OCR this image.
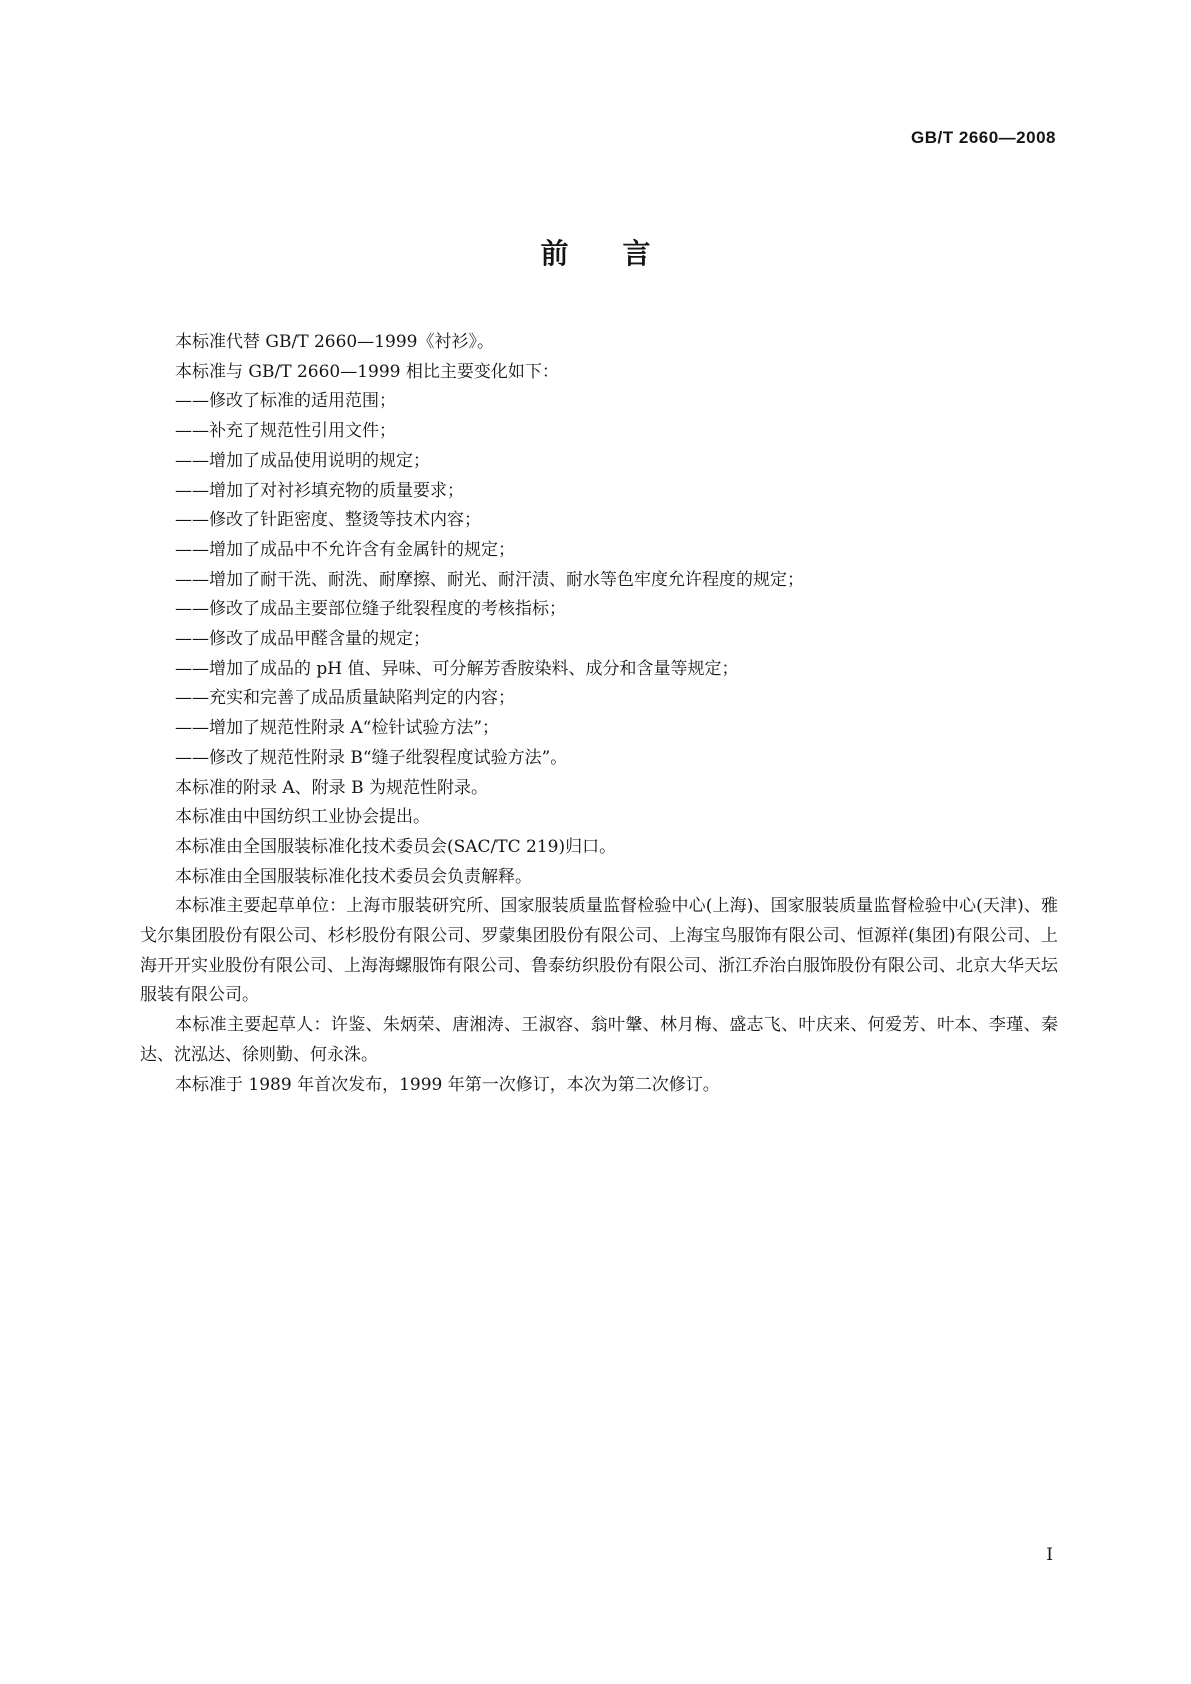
GB/T 2660—2008
前 言

本标准代替 GB/T 2660—1999《衬衫》。

本标准与 GB/T 2660—1999 相比主要变化如下：

——修改了标准的适用范围；

——补充了规范性引用文件；

——增加了成品使用说明的规定；

——增加了对衬衫填充物的质量要求；

——修改了针距密度、整烫等技术内容；

——增加了成品中不允许含有金属针的规定；

——增加了耐干洗、耐洗、耐摩擦、耐光、耐汗渍、耐水等色牢度允许程度的规定；

——修改了成品主要部位缝子纰裂程度的考核指标；

——修改了成品甲醛含量的规定；

——增加了成品的 pH 值、异味、可分解芳香胺染料、成分和含量等规定；

——充实和完善了成品质量缺陷判定的内容；

——增加了规范性附录 A“检针试验方法”；

——修改了规范性附录 B“缝子纰裂程度试验方法”。

本标准的附录 A、附录 B 为规范性附录。

本标准由中国纺织工业协会提出。

本标准由全国服装标准化技术委员会(SAC/TC 219)归口。

本标准由全国服装标准化技术委员会负责解释。

本标准主要起草单位：上海市服装研究所、国家服装质量监督检验中心(上海)、国家服装质量监督检验中心(天津)、雅戈尔集团股份有限公司、杉杉股份有限公司、罗蒙集团股份有限公司、上海宝鸟服饰有限公司、恒源祥(集团)有限公司、上海开开实业股份有限公司、上海海螺服饰有限公司、鲁泰纺织股份有限公司、浙江乔治白服饰股份有限公司、北京大华天坛服装有限公司。

本标准主要起草人：许鉴、朱炳荣、唐湘涛、王淑容、翁叶鞶、林月梅、盛志飞、叶庆来、何爱芳、叶本、李瑾、秦达、沈泓达、徐则勤、何永洙。

本标准于 1989 年首次发布，1999 年第一次修订，本次为第二次修订。

I
